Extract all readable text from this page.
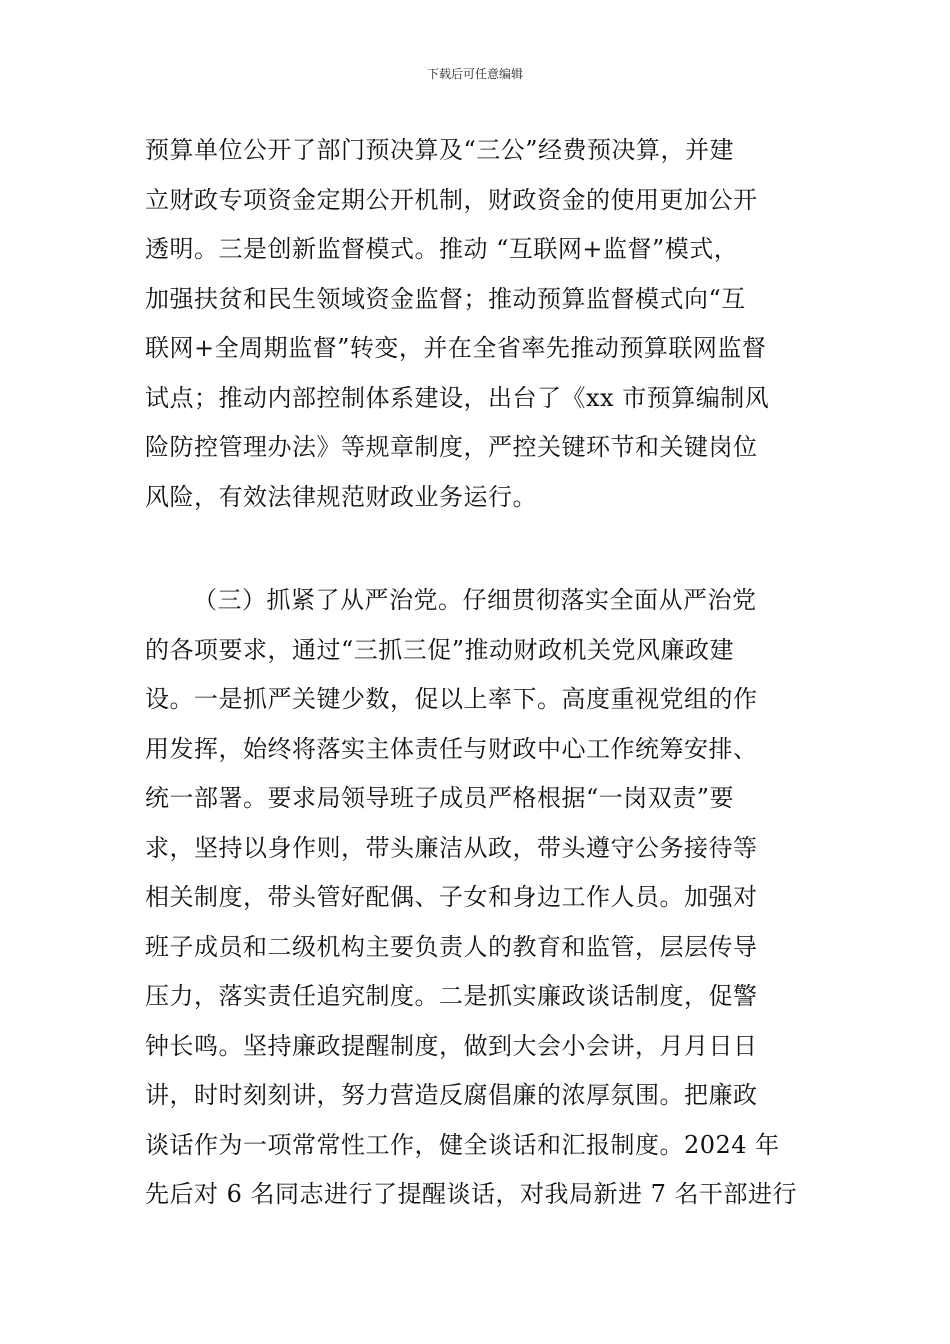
下载后可任意编辑
预算单位公开了部门预决算及“三公”经费预决算，并建
立财政专项资金定期公开机制，财政资金的使用更加公开
透明。三是创新监督模式。推动 “互联网+监督”模式，
加强扶贫和民生领域资金监督；推动预算监督模式向“互
联网+全周期监督”转变，并在全省率先推动预算联网监督
试点；推动内部控制体系建设，出台了《xx 市预算编制风
险防控管理办法》等规章制度，严控关键环节和关键岗位
风险，有效法律规范财政业务运行。
（三）抓紧了从严治党。仔细贯彻落实全面从严治党
的各项要求，通过“三抓三促”推动财政机关党风廉政建
设。一是抓严关键少数，促以上率下。高度重视党组的作
用发挥，始终将落实主体责任与财政中心工作统筹安排、
统一部署。要求局领导班子成员严格根据“一岗双责”要
求，坚持以身作则，带头廉洁从政，带头遵守公务接待等
相关制度，带头管好配偶、子女和身边工作人员。加强对
班子成员和二级机构主要负责人的教育和监管，层层传导
压力，落实责任追究制度。二是抓实廉政谈话制度，促警
钟长鸣。坚持廉政提醒制度，做到大会小会讲，月月日日
讲，时时刻刻讲，努力营造反腐倡廉的浓厚氛围。把廉政
谈话作为一项常常性工作，健全谈话和汇报制度。2024 年
先后对 6 名同志进行了提醒谈话，对我局新进 7 名干部进行
